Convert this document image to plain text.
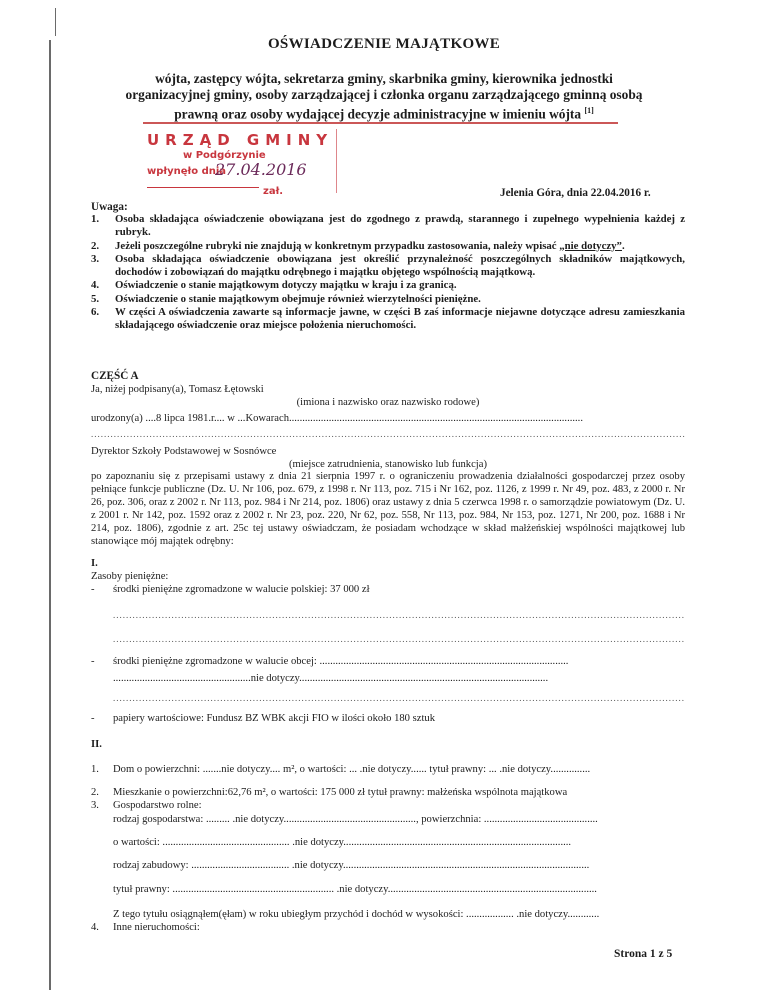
OŚWIADCZENIE MAJĄTKOWE
wójta, zastępcy wójta, sekretarza gminy, skarbnika gminy, kierownika jednostki
organizacyjnej gminy, osoby zarządzającej i członka organu zarządzającego gminną osobą
prawną oraz osoby wydającej decyzje administracyjne w imieniu wójta [1]
URZĄD GMINY
w Podgórzynie
wpłynęło dnia
27.04.2016
zał.	Jelenia Góra, dnia 22.04.2016 r.
Uwaga:
1. Osoba składająca oświadczenie obowiązana jest do zgodnego z prawdą, starannego i zupełnego wypełnienia każdej z rubryk.
2. Jeżeli poszczególne rubryki nie znajdują w konkretnym przypadku zastosowania, należy wpisać „nie dotyczy”.
3. Osoba składająca oświadczenie obowiązana jest określić przynależność poszczególnych składników majątkowych, dochodów i zobowiązań do majątku odrębnego i majątku objętego wspólnością majątkową.
4. Oświadczenie o stanie majątkowym dotyczy majątku w kraju i za granicą.
5. Oświadczenie o stanie majątkowym obejmuje również wierzytelności pieniężne.
6. W części A oświadczenia zawarte są informacje jawne, w części B zaś informacje niejawne dotyczące adresu zamieszkania składającego oświadczenie oraz miejsce położenia nieruchomości.
CZĘŚĆ A
Ja, niżej podpisany(a), Tomasz Łętowski
(imiona i nazwisko oraz nazwisko rodowe)
urodzony(a) ....8 lipca 1981.r.... w ...Kowarach...............................................................................................................
.....
Dyrektor Szkoły Podstawowej w Sosnówce
(miejsce zatrudnienia, stanowisko lub funkcja)
po zapoznaniu się z przepisami ustawy z dnia 21 sierpnia 1997 r. o ograniczeniu prowadzenia działalności gospodarczej przez osoby pełniące funkcje publiczne (Dz. U. Nr 106, poz. 679, z 1998 r. Nr 113, poz. 715 i Nr 162, poz. 1126, z 1999 r. Nr 49, poz. 483, z 2000 r. Nr 26, poz. 306, oraz z 2002 r. Nr 113, poz. 984 i Nr 214, poz. 1806) oraz ustawy z dnia 5 czerwca 1998 r. o samorządzie powiatowym (Dz. U. z 2001 r. Nr 142, poz. 1592 oraz z 2002 r. Nr 23, poz. 220, Nr 62, poz. 558, Nr 113, poz. 984, Nr 153, poz. 1271, Nr 200, poz. 1688 i Nr 214, poz. 1806), zgodnie z art. 25c tej ustawy oświadczam, że posiadam wchodzące w skład małżeńskiej wspólności majątkowej lub stanowiące mój majątek odrębny:
I.
Zasoby pieniężne:
- środki pieniężne zgromadzone w walucie polskiej: 37 000 zł
.....
.....
- środki pieniężne zgromadzone w walucie obcej: ..............................................................................................
....................................................nie dotyczy..............................................................................................
.....
- papiery wartościowe: Fundusz BZ WBK akcji FIO w ilości około 180 sztuk
II.
1. Dom o powierzchni: .......nie dotyczy.... m², o wartości: ... .nie dotyczy...... tytuł prawny: ... .nie dotyczy...............
2. Mieszkanie o powierzchni:62,76 m², o wartości: 175 000 zł tytuł prawny: małżeńska wspólnota majątkowa
3. Gospodarstwo rolne:
rodzaj gospodarstwa: ......... .nie dotyczy.................................................., powierzchnia: ...........................................
o wartości: ................................................ .nie dotyczy......................................................................................
rodzaj zabudowy: ..................................... .nie dotyczy.............................................................................................
tytuł prawny: ............................................................. .nie dotyczy...............................................................................
Z tego tytułu osiągnąłem(ęłam) w roku ubiegłym przychód i dochód w wysokości: .................. .nie dotyczy............
4. Inne nieruchomości:
Strona 1 z 5
